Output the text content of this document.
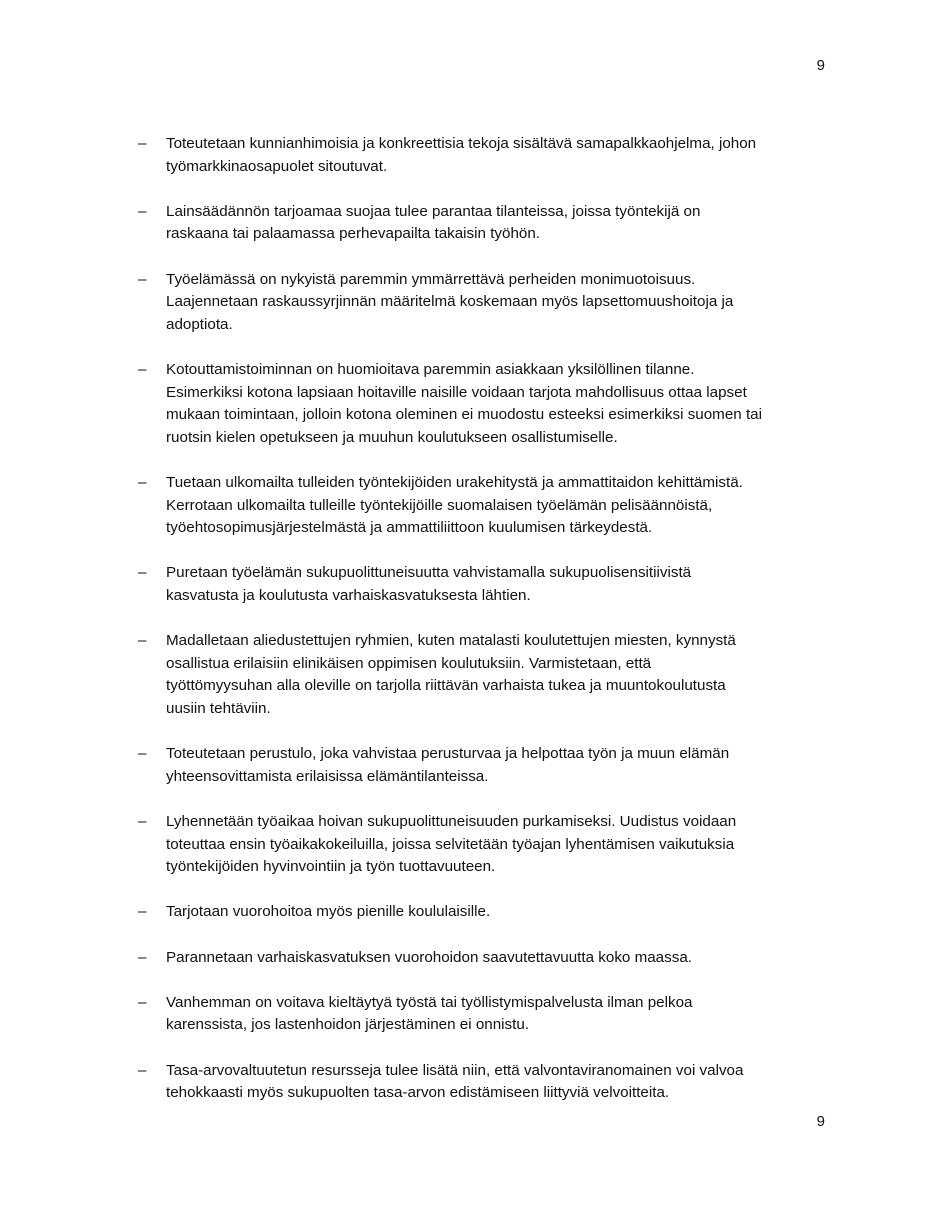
9
–	Toteutetaan kunnianhimoisia ja konkreettisia tekoja sisältävä samapalkkaohjelma, johon
työmarkkinaosapuolet sitoutuvat.
–	Lainsäädännön tarjoamaa suojaa tulee parantaa tilanteissa, joissa työntekijä on
raskaana tai palaamassa perhevapailta takaisin työhön.
–	Työelämässä on nykyistä paremmin ymmärrettävä perheiden monimuotoisuus.
Laajennetaan raskaussyrjinnän määritelmä koskemaan myös lapsettomuushoitoja ja
adoptiota.
–	Kotouttamistoiminnan on huomioitava paremmin asiakkaan yksilöllinen tilanne.
Esimerkiksi kotona lapsiaan hoitaville naisille voidaan tarjota mahdollisuus ottaa lapset
mukaan toimintaan, jolloin kotona oleminen ei muodostu esteeksi esimerkiksi suomen tai
ruotsin kielen opetukseen ja muuhun koulutukseen osallistumiselle.
–	Tuetaan ulkomailta tulleiden työntekijöiden urakehitystä ja ammattitaidon kehittämistä.
Kerrotaan ulkomailta tulleille työntekijöille suomalaisen työelämän pelisäännöistä,
työehtosopimusjärjestelmästä ja ammattiliittoon kuulumisen tärkeydestä.
–	Puretaan työelämän sukupuolittuneisuutta vahvistamalla sukupuolisensitiivistä
kasvatusta ja koulutusta varhaiskasvatuksesta lähtien.
–	Madalletaan aliedustettujen ryhmien, kuten matalasti koulutettujen miesten, kynnystä
osallistua erilaisiin elinikäisen oppimisen koulutuksiin. Varmistetaan, että
työttömyysuhan alla oleville on tarjolla riittävän varhaista tukea ja muuntokoulutusta
uusiin tehtäviin.
–	Toteutetaan perustulo, joka vahvistaa perusturvaa ja helpottaa työn ja muun elämän
yhteensovittamista erilaisissa elämäntilanteissa.
–	Lyhennetään työaikaa hoivan sukupuolittuneisuuden purkamiseksi. Uudistus voidaan
toteuttaa ensin työaikakokeiluilla, joissa selvitetään työajan lyhentämisen vaikutuksia
työntekijöiden hyvinvointiin ja työn tuottavuuteen.
–	Tarjotaan vuorohoitoa myös pienille koululaisille.
–	Parannetaan varhaiskasvatuksen vuorohoidon saavutettavuutta koko maassa.
–	Vanhemman on voitava kieltäytyä työstä tai työllistymispalvelusta ilman pelkoa
karenssista, jos lastenhoidon järjestäminen ei onnistu.
–	Tasa-arvovaltuutetun resursseja tulee lisätä niin, että valvontaviranomainen voi valvoa
tehokkaasti myös sukupuolten tasa-arvon edistämiseen liittyviä velvoitteita.
9
